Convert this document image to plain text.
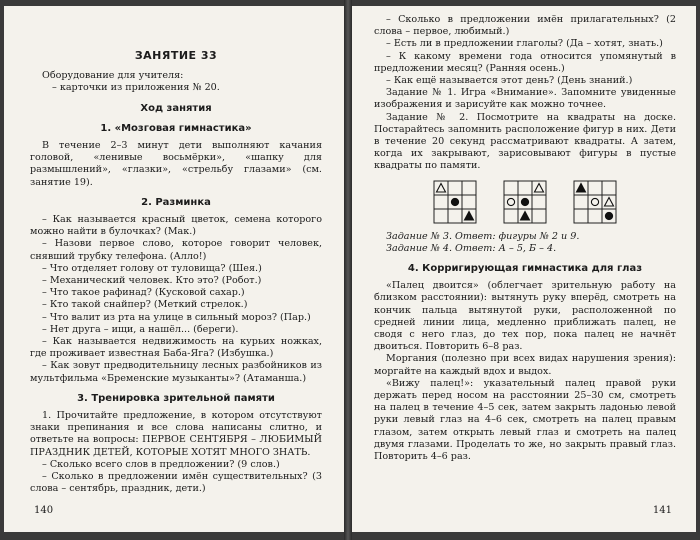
ЗАНЯТИЕ 33

Оборудование для учителя:

– карточки из приложения № 20.

Ход занятия
1. «Мозговая гимнастика»

В течение 2–3 минут дети выполняют качания головой, «ленивые восьмёрки», «шапку для размышлений», «глазки», «стрельбу глазами» (см. занятие 19).

2. Разминка

– Как называется красный цветок, семена которого можно найти в булочках? (Мак.)

– Назови первое слово, которое говорит человек, снявший трубку телефона. (Алло!)

– Что отделяет голову от туловища? (Шея.)

– Механический человек. Кто это? (Робот.)

– Что такое рафинад? (Кусковой сахар.)

– Кто такой снайпер? (Меткий стрелок.)

– Что валит из рта на улице в сильный мороз? (Пар.)

– Нет друга – ищи, а нашёл... (береги).

– Как называется недвижимость на курьих ножках, где проживает известная Баба-Яга? (Избушка.)

– Как зовут предводительницу лесных разбойников из мультфильма «Бременские музыканты»? (Атаманша.)

3. Тренировка зрительной памяти

1. Прочитайте предложение, в котором отсутствуют знаки препинания и все слова написаны слитно, и ответьте на вопросы: ПЕРВОЕ СЕНТЯБРЯ – ЛЮБИМЫЙ ПРАЗДНИК ДЕТЕЙ, КОТОРЫЕ ХОТЯТ МНОГО ЗНАТЬ.

– Сколько всего слов в предложении? (9 слов.)

– Сколько в предложении имён существительных? (3 слова – сентябрь, праздник, дети.)

140

– Сколько в предложении имён прилагательных? (2 слова – первое, любимый.)

– Есть ли в предложении глаголы? (Да – хотят, знать.)

– К какому времени года относится упомянутый в предложении месяц? (Ранняя осень.)

– Как ещё называется этот день? (День знаний.)

Задание № 1. Игра «Внимание». Запомните увиденные изображения и зарисуйте как можно точнее.

Задание № 2. Посмотрите на квадраты на доске. Постарайтесь запомнить расположение фигур в них. Дети в течение 20 секунд рассматривают квадраты. А затем, когда их закрывают, зарисовывают фигуры в пустые квадраты по памяти.

Задание № 3. Ответ: фигуры № 2 и 9.

Задание № 4. Ответ: А – 5, Б – 4.

4. Корригирующая гимнастика для глаз

«Палец двоится» (облегчает зрительную работу на близком расстоянии): вытянуть руку вперёд, смотреть на кончик пальца вытянутой руки, расположенной по средней линии лица, медленно приближать палец, не сводя с него глаз, до тех пор, пока палец не начнёт двоиться. Повторить 6–8 раз.

Моргания (полезно при всех видах нарушения зрения): моргайте на каждый вдох и выдох.

«Вижу палец!»: указательный палец правой руки держать перед носом на расстоянии 25–30 см, смотреть на палец в течение 4–5 сек, затем закрыть ладонью левой руки левый глаз на 4–6 сек, смотреть на палец правым глазом, затем открыть левый глаз и смотреть на палец двумя глазами. Проделать то же, но закрыть правый глаз. Повторить 4–6 раз.

141
